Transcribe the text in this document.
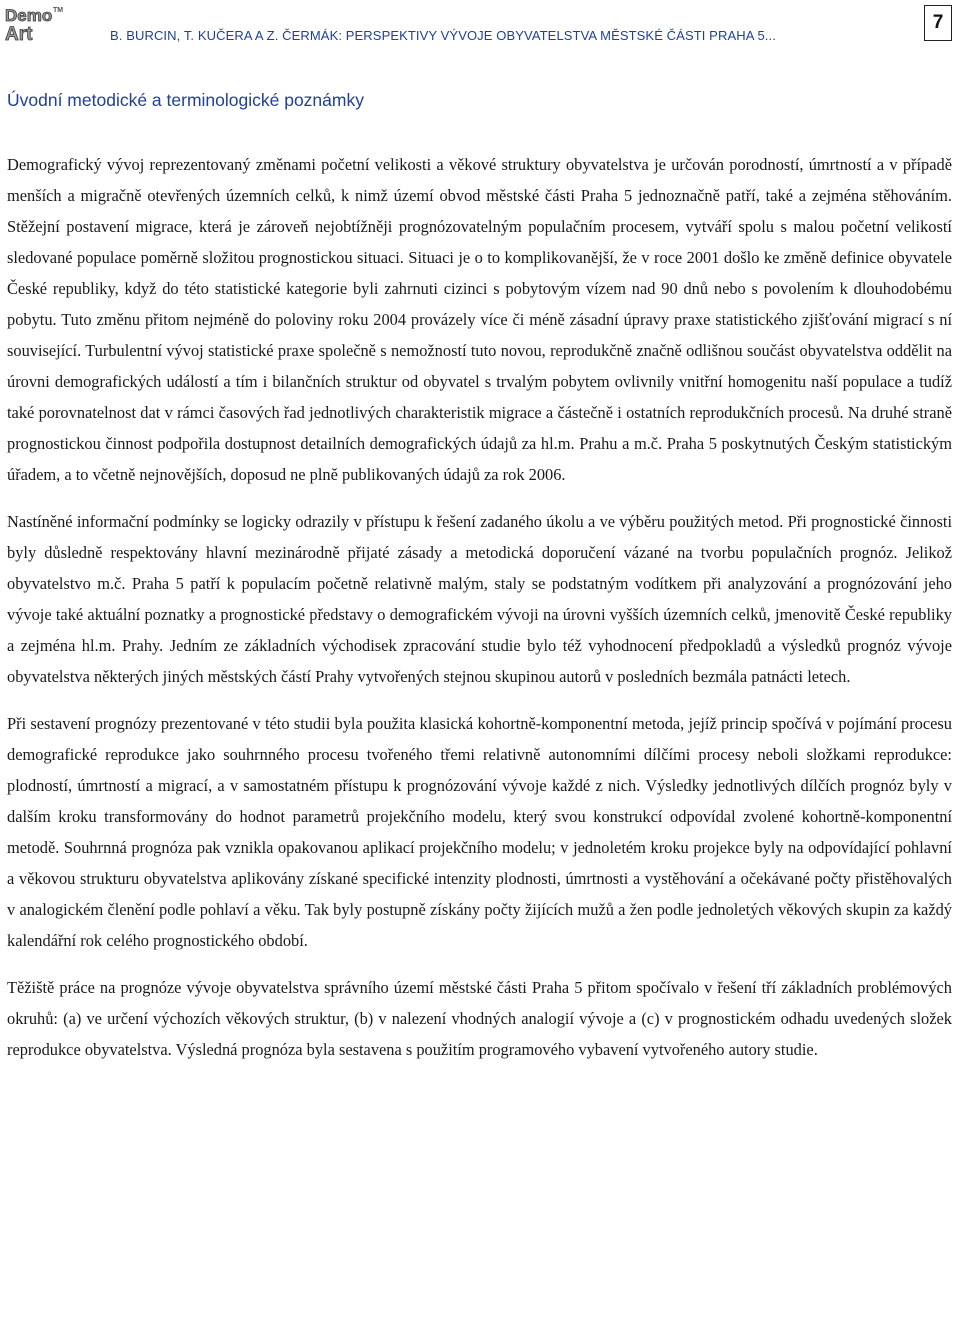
Demo
Art
TM
B. BURCIN, T. KUČERA A Z. ČERMÁK: PERSPEKTIVY VÝVOJE OBYVATELSTVA MĚSTSKÉ ČÁSTI PRAHA 5...
7
Úvodní metodické a terminologické poznámky

Demografický vývoj reprezentovaný změnami početní velikosti a věkové struktury obyvatelstva je určován porodností, úmrtností a v případě menších a migračně otevřených územních celků, k nimž území obvod městské části Praha 5 jednoznačně patří, také a zejména stěhováním. Stěžejní postavení migrace, která je zároveň nejobtížněji prognózovatelným populačním procesem, vytváří spolu s malou početní velikostí sledované populace poměrně složitou prognostickou situaci. Situaci je o to komplikovanější, že v roce 2001 došlo ke změně definice obyvatele České republiky, když do této statistické kategorie byli zahrnuti cizinci s pobytovým vízem nad 90 dnů nebo s povolením k dlouhodobému pobytu. Tuto změnu přitom nejméně do poloviny roku 2004 provázely více či méně zásadní úpravy praxe statistického zjišťování migrací s ní související. Turbulentní vývoj statistické praxe společně s nemožností tuto novou, reprodukčně značně odlišnou součást obyvatelstva oddělit na úrovni demografických událostí a tím i bilančních struktur od obyvatel s trvalým pobytem ovlivnily vnitřní homogenitu naší populace a tudíž také porovnatelnost dat v rámci časových řad jednotlivých charakteristik migrace a částečně i ostatních reprodukčních procesů. Na druhé straně prognostickou činnost podpořila dostupnost detailních demografických údajů za hl.m. Prahu a m.č. Praha 5 poskytnutých Českým statistickým úřadem, a to včetně nejnovějších, doposud ne plně publikovaných údajů za rok 2006.

Nastíněné informační podmínky se logicky odrazily v přístupu k řešení zadaného úkolu a ve výběru použitých metod. Při prognostické činnosti byly důsledně respektovány hlavní mezinárodně přijaté zásady a metodická doporučení vázané na tvorbu populačních prognóz. Jelikož obyvatelstvo m.č. Praha 5 patří k populacím početně relativně malým, staly se podstatným vodítkem při analyzování a prognózování jeho vývoje také aktuální poznatky a prognostické představy o demografickém vývoji na úrovni vyšších územních celků, jmenovitě České republiky a zejména hl.m. Prahy. Jedním ze základních východisek zpracování studie bylo též vyhodnocení předpokladů a výsledků prognóz vývoje obyvatelstva některých jiných městských částí Prahy vytvořených stejnou skupinou autorů v posledních bezmála patnácti letech.

Při sestavení prognózy prezentované v této studii byla použita klasická kohortně-komponentní metoda, jejíž princip spočívá v pojímání procesu demografické reprodukce jako souhrnného procesu tvořeného třemi relativně autonomními dílčími procesy neboli složkami reprodukce: plodností, úmrtností a migrací, a v samostatném přístupu k prognózování vývoje každé z nich. Výsledky jednotlivých dílčích prognóz byly v dalším kroku transformovány do hodnot parametrů projekčního modelu, který svou konstrukcí odpovídal zvolené kohortně-komponentní metodě. Souhrnná prognóza pak vznikla opakovanou aplikací projekčního modelu; v jednoletém kroku projekce byly na odpovídající pohlavní a věkovou strukturu obyvatelstva aplikovány získané specifické intenzity plodnosti, úmrtnosti a vystěhování a očekávané počty přistěhovalých v analogickém členění podle pohlaví a věku. Tak byly postupně získány počty žijících mužů a žen podle jednoletých věkových skupin za každý kalendářní rok celého prognostického období.

Těžiště práce na prognóze vývoje obyvatelstva správního území městské části Praha 5 přitom spočívalo v řešení tří základních problémových okruhů: (a) ve určení výchozích věkových struktur, (b) v nalezení vhodných analogií vývoje a (c) v prognostickém odhadu uvedených složek reprodukce obyvatelstva. Výsledná prognóza byla sestavena s použitím programového vybavení vytvořeného autory studie.
